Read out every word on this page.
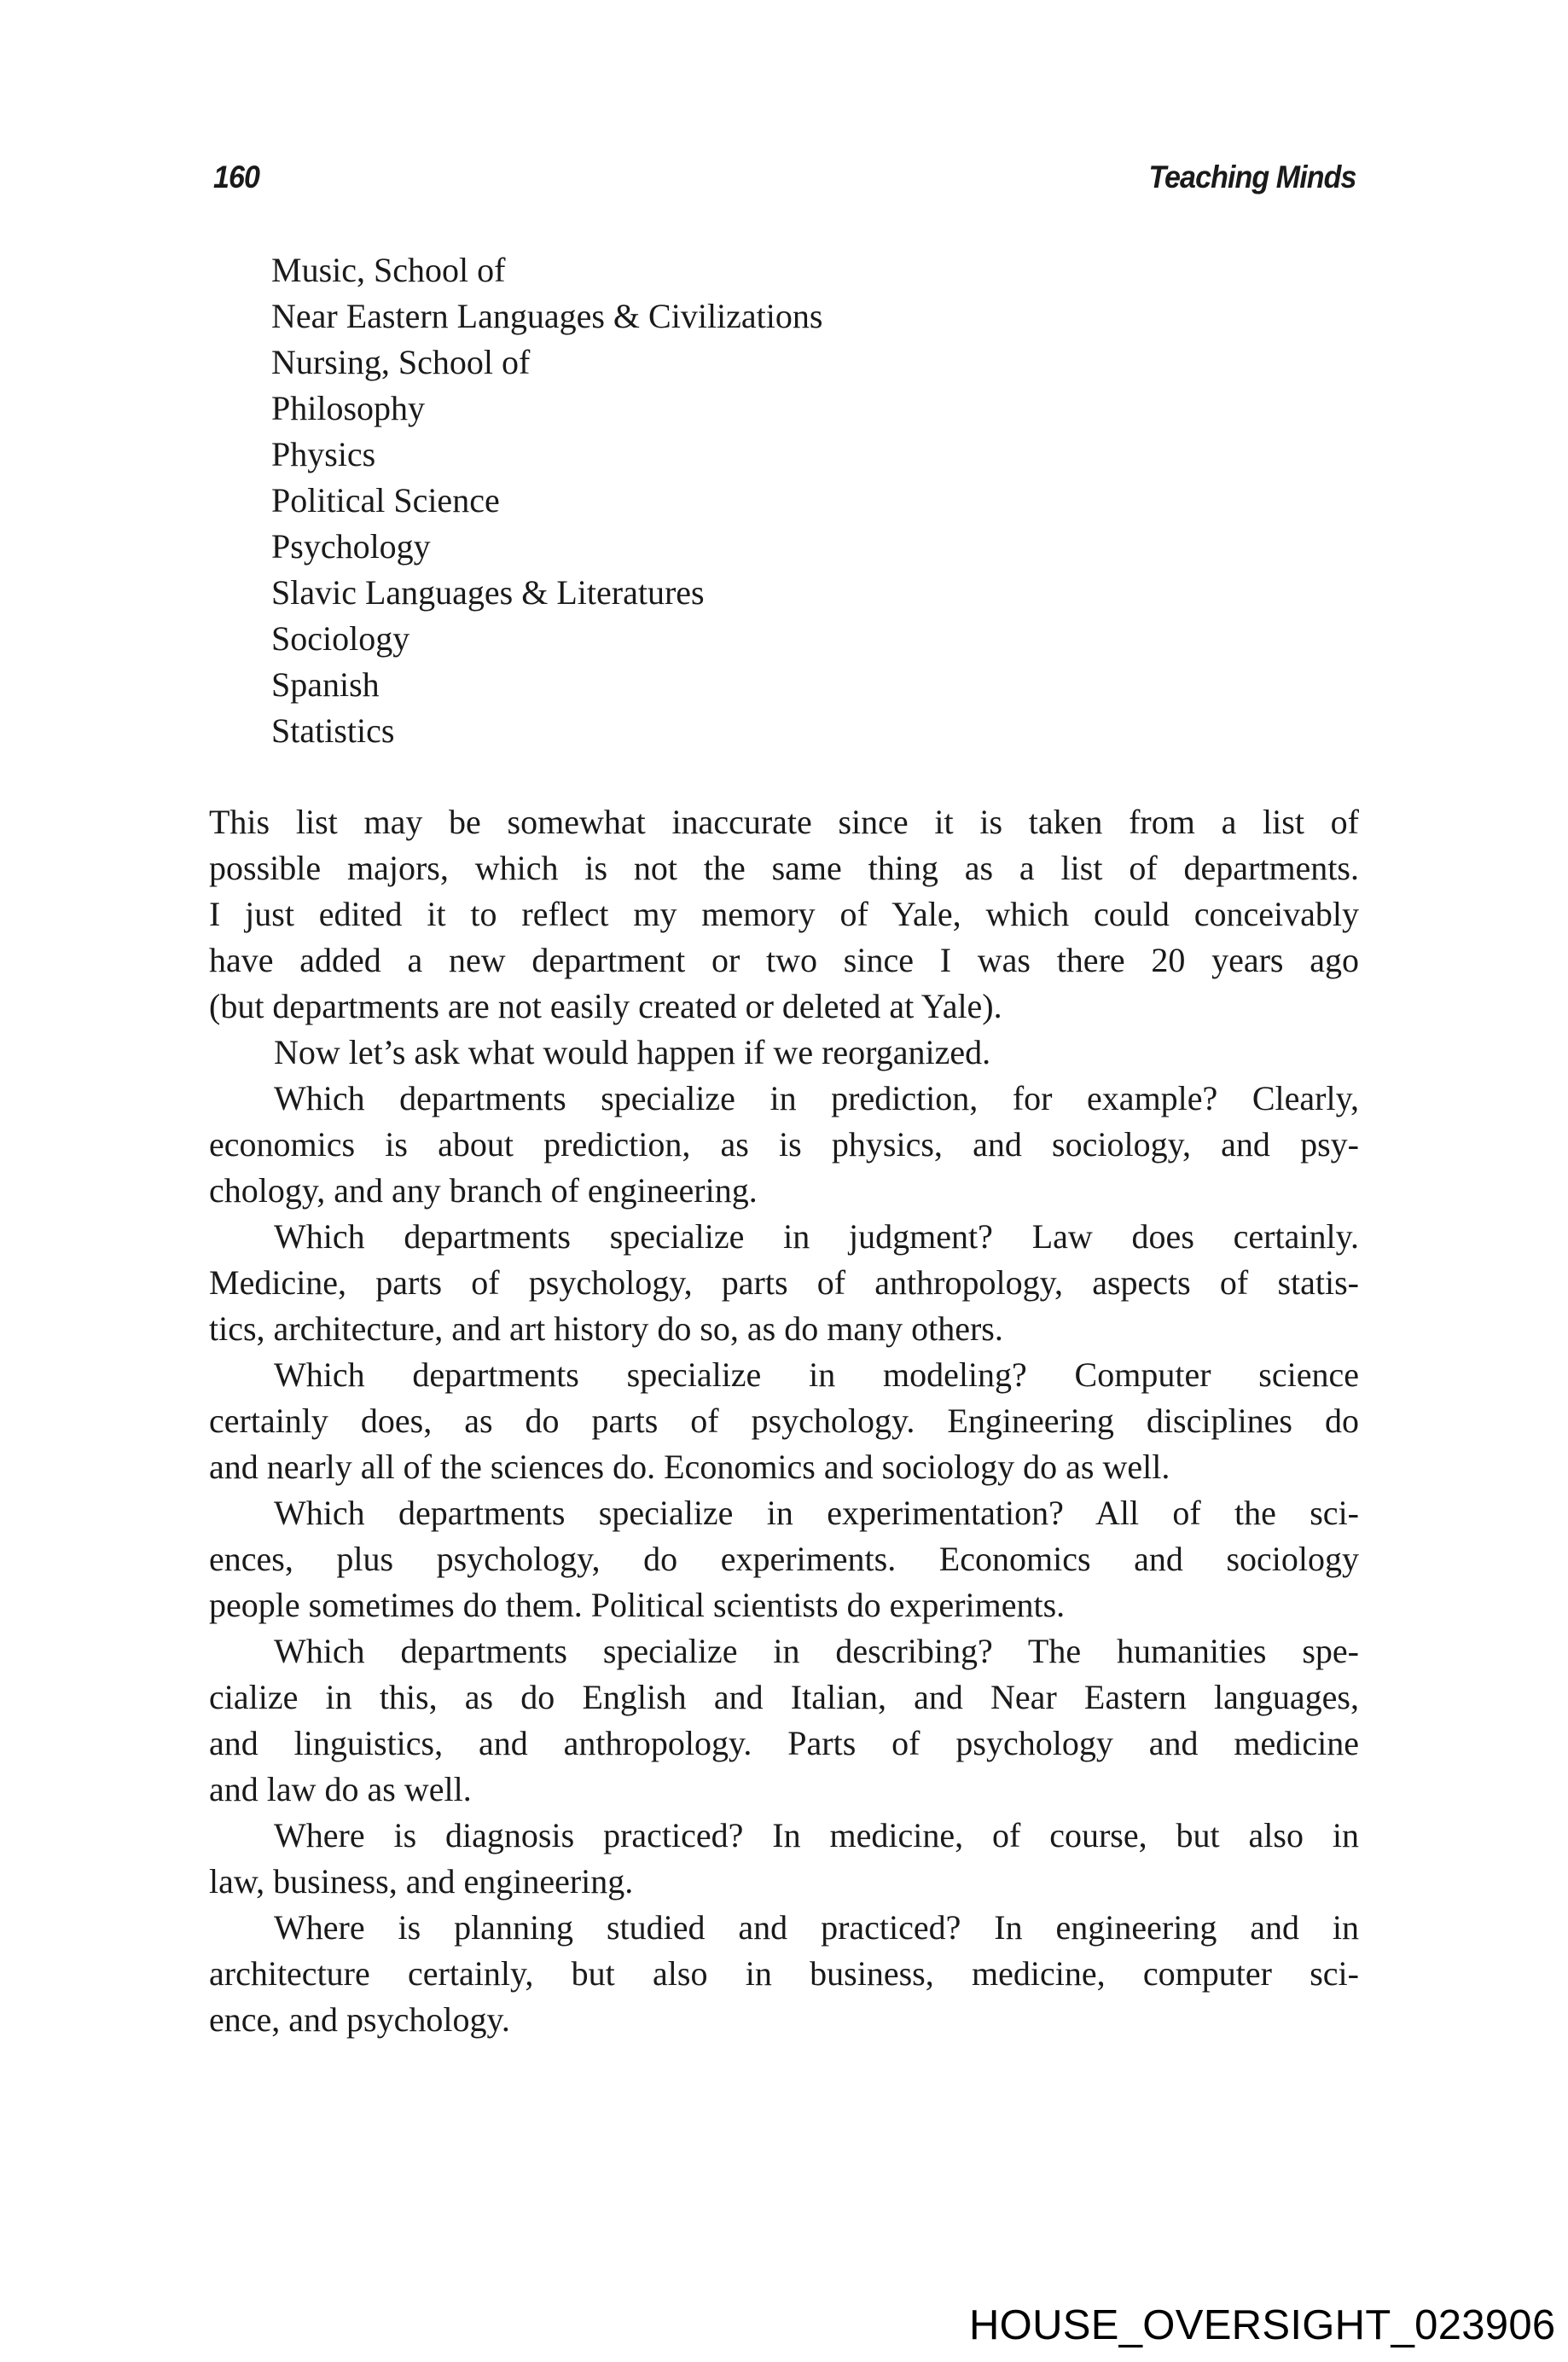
160	Teaching Minds
Music, School of
Near Eastern Languages & Civilizations
Nursing, School of
Philosophy
Physics
Political Science
Psychology
Slavic Languages & Literatures
Sociology
Spanish
Statistics
This list may be somewhat inaccurate since it is taken from a list of
possible majors, which is not the same thing as a list of departments.
I just edited it to reflect my memory of Yale, which could conceivably
have added a new department or two since I was there 20 years ago
(but departments are not easily created or deleted at Yale).
Now let’s ask what would happen if we reorganized.
Which departments specialize in prediction, for example? Clearly,
economics is about prediction, as is physics, and sociology, and psy-
chology, and any branch of engineering.
Which departments specialize in judgment? Law does certainly.
Medicine, parts of psychology, parts of anthropology, aspects of statis-
tics, architecture, and art history do so, as do many others.
Which departments specialize in modeling? Computer science
certainly does, as do parts of psychology. Engineering disciplines do
and nearly all of the sciences do. Economics and sociology do as well.
Which departments specialize in experimentation? All of the sci-
ences, plus psychology, do experiments. Economics and sociology
people sometimes do them. Political scientists do experiments.
Which departments specialize in describing? The humanities spe-
cialize in this, as do English and Italian, and Near Eastern languages,
and linguistics, and anthropology. Parts of psychology and medicine
and law do as well.
Where is diagnosis practiced? In medicine, of course, but also in
law, business, and engineering.
Where is planning studied and practiced? In engineering and in
architecture certainly, but also in business, medicine, computer sci-
ence, and psychology.
HOUSE_OVERSIGHT_023906
